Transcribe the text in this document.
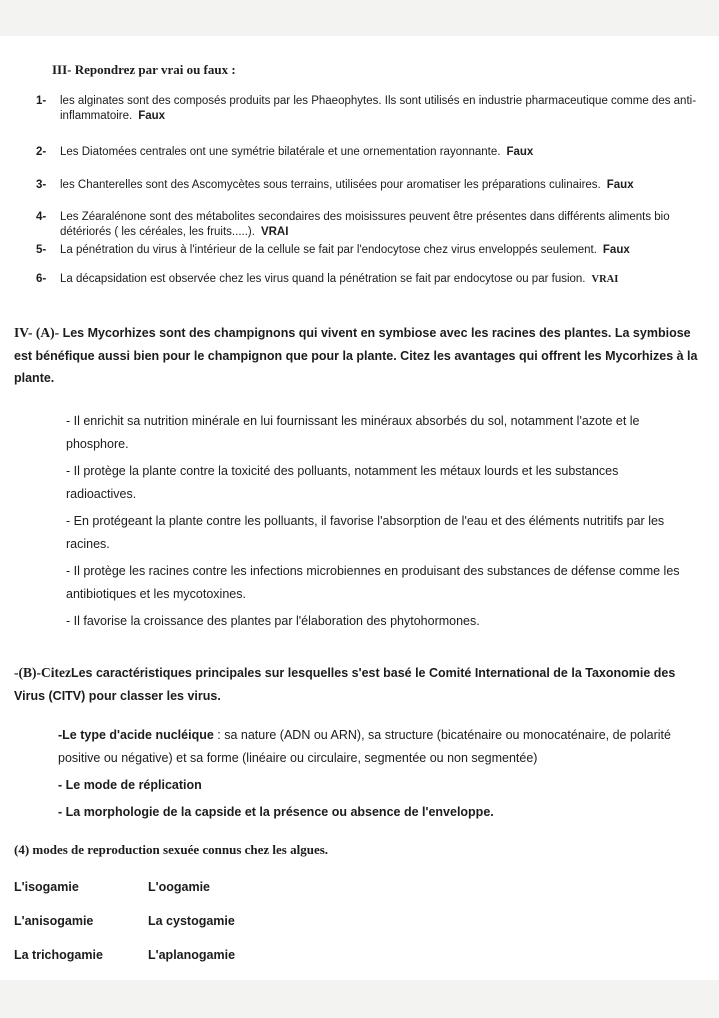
III- Repondrez par vrai ou faux :

1- les alginates sont des composés produits par les Phaeophytes. Ils sont utilisés en industrie pharmaceutique comme des anti-inflammatoire. Faux
2- Les Diatomées centrales ont une symétrie bilatérale et une ornementation rayonnante. Faux
3- les Chanterelles sont des Ascomycètes sous terrains, utilisées pour aromatiser les préparations culinaires. Faux
4- Les Zéaralénone sont des métabolites secondaires des moisissures peuvent être présentes dans différents aliments bio détériorés ( les céréales, les fruits.....). VRAI
5- La pénétration du virus à l'intérieur de la cellule se fait par l'endocytose chez virus enveloppés seulement. Faux
6- La décapsidation est observée chez les virus quand la pénétration se fait par endocytose ou par fusion. VRAI

IV- (A)- Les Mycorhizes sont des champignons qui vivent en symbiose avec les racines des plantes. La symbiose est bénéfique aussi bien pour le champignon que pour la plante. Citez les avantages qui offrent les Mycorhizes à la plante.

- Il enrichit sa nutrition minérale en lui fournissant les minéraux absorbés du sol, notamment l'azote et le phosphore.

- Il protège la plante contre la toxicité des polluants, notamment les métaux lourds et les substances radioactives.

- En protégeant la plante contre les polluants, il favorise l'absorption de l'eau et des éléments nutritifs par les racines.

- Il protège les racines contre les infections microbiennes en produisant des substances de défense comme les antibiotiques et les mycotoxines.

- Il favorise la croissance des plantes par l'élaboration des phytohormones.

-(B)-CitezLes caractéristiques principales sur lesquelles s'est basé le Comité International de la Taxonomie des Virus (CITV) pour classer les virus.

-Le type d'acide nucléique : sa nature (ADN ou ARN), sa structure (bicaténaire ou monocaténaire, de polarité positive ou négative) et sa forme (linéaire ou circulaire, segmentée ou non segmentée)

- Le mode de réplication

- La morphologie de la capside et la présence ou absence de l'enveloppe.

(4) modes de reproduction sexuée connus chez les algues.

L'isogamie	L'oogamie

L'anisogamie	La cystogamie

La trichogamie	L'aplanogamie
